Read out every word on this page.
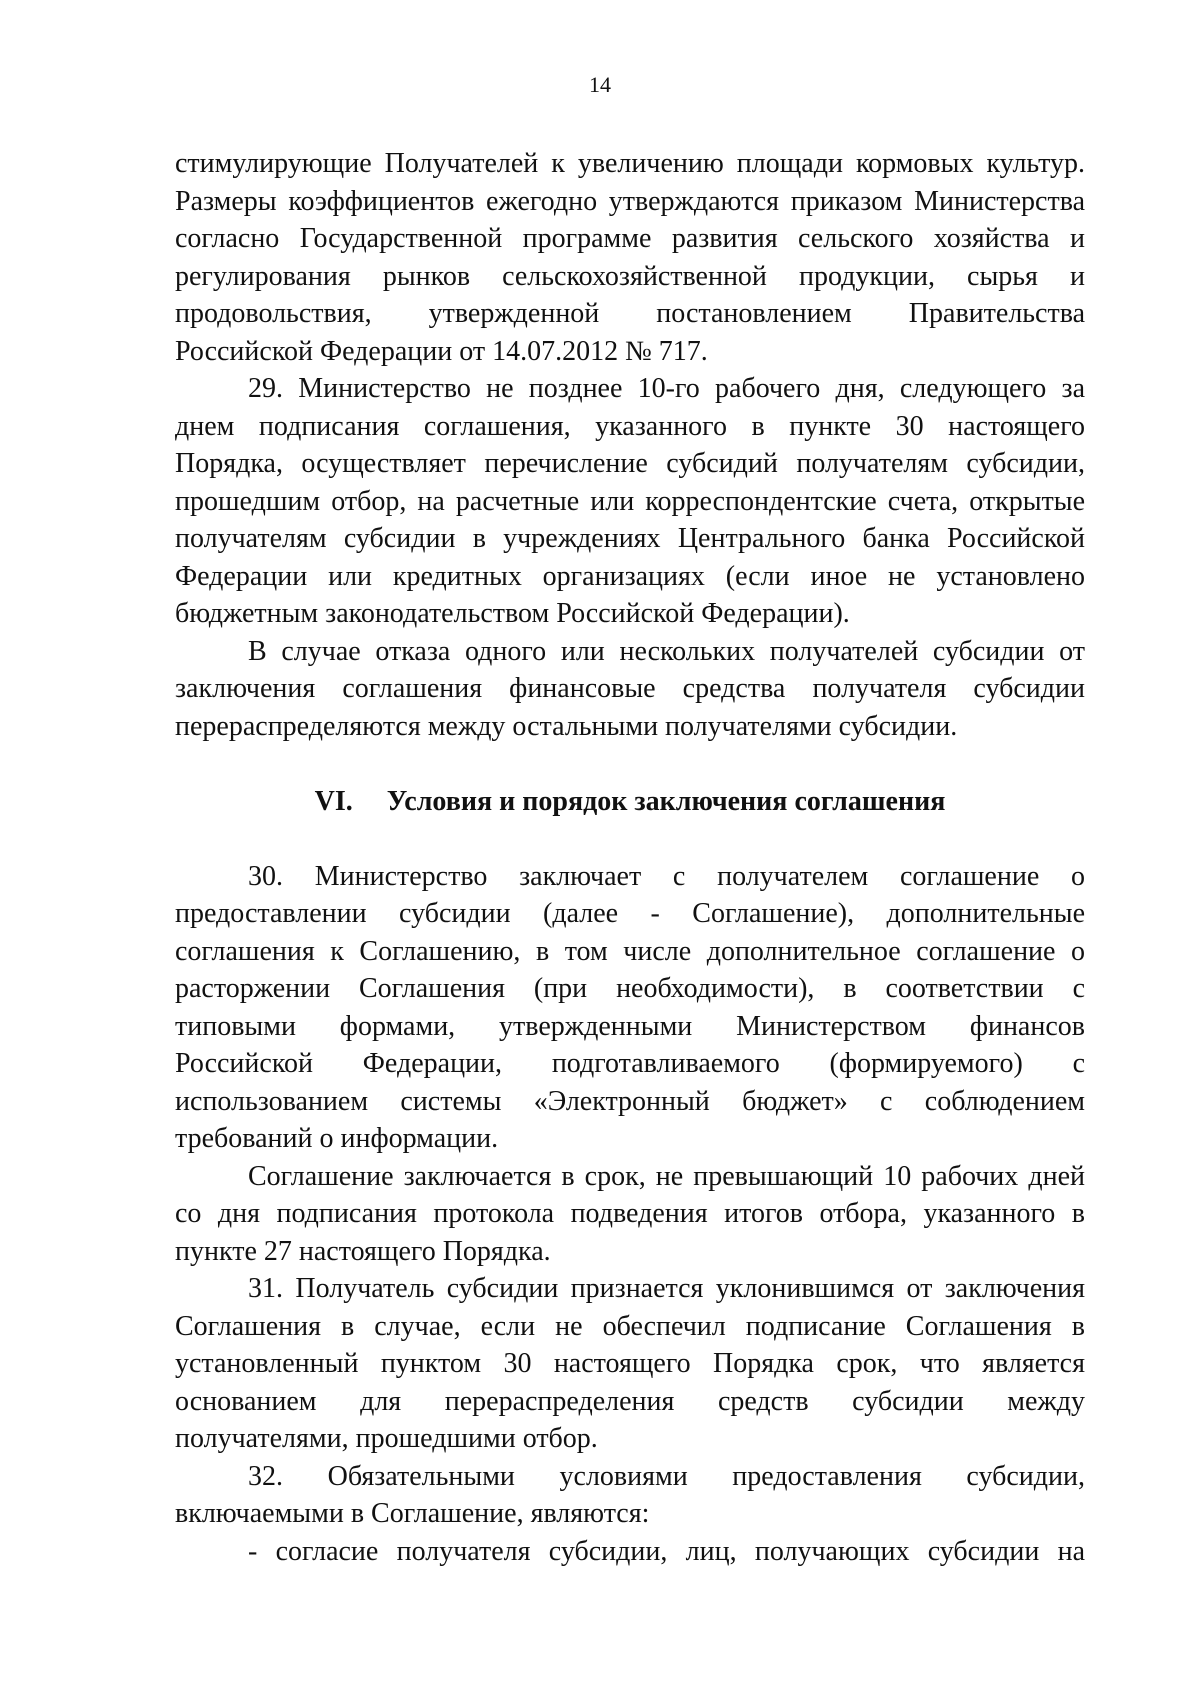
14
стимулирующие Получателей к увеличению площади кормовых культур.
Размеры коэффициентов ежегодно утверждаются приказом Министерства
согласно Государственной программе развития сельского хозяйства и
регулирования рынков сельскохозяйственной продукции, сырья и
продовольствия, утвержденной постановлением Правительства
Российской Федерации от 14.07.2012 № 717.
29. Министерство не позднее 10-го рабочего дня, следующего за
днем подписания соглашения, указанного в пункте 30 настоящего
Порядка, осуществляет перечисление субсидий получателям субсидии,
прошедшим отбор, на расчетные или корреспондентские счета, открытые
получателям субсидии в учреждениях Центрального банка Российской
Федерации или кредитных организациях (если иное не установлено
бюджетным законодательством Российской Федерации).
В случае отказа одного или нескольких получателей субсидии от
заключения соглашения финансовые средства получателя субсидии
перераспределяются между остальными получателями субсидии.
VI. Условия и порядок заключения соглашения
30. Министерство заключает с получателем соглашение о
предоставлении субсидии (далее - Соглашение), дополнительные
соглашения к Соглашению, в том числе дополнительное соглашение о
расторжении Соглашения (при необходимости), в соответствии с
типовыми формами, утвержденными Министерством финансов
Российской Федерации, подготавливаемого (формируемого) с
использованием системы «Электронный бюджет» с соблюдением
требований о информации.
Соглашение заключается в срок, не превышающий 10 рабочих дней
со дня подписания протокола подведения итогов отбора, указанного в
пункте 27 настоящего Порядка.
31. Получатель субсидии признается уклонившимся от заключения
Соглашения в случае, если не обеспечил подписание Соглашения в
установленный пунктом 30 настоящего Порядка срок, что является
основанием для перераспределения средств субсидии между
получателями, прошедшими отбор.
32. Обязательными условиями предоставления субсидии,
включаемыми в Соглашение, являются:
- согласие получателя субсидии, лиц, получающих субсидии на
